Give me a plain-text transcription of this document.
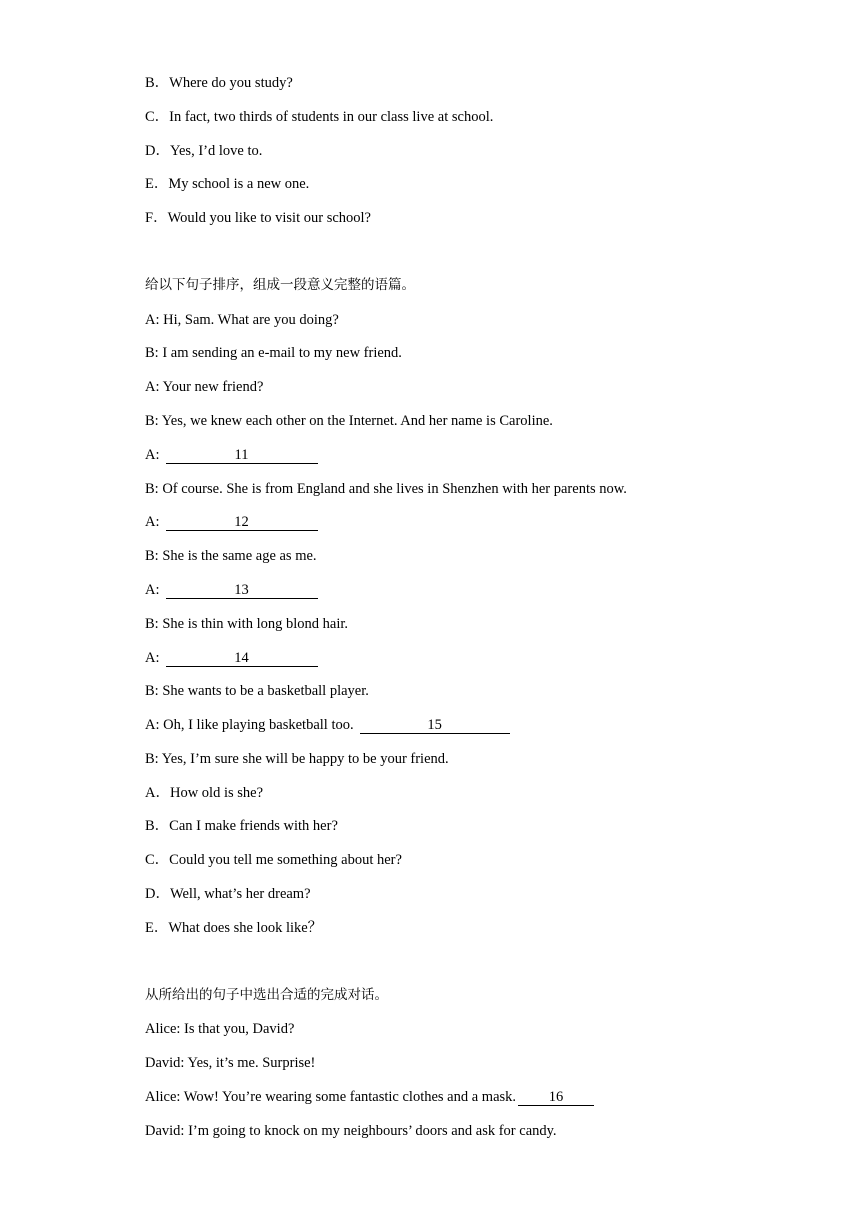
B．Where do you study?
C．In fact, two thirds of students in our class live at school.
D．Yes, I’d love to.
E．My school is a new one.
F．Would you like to visit our school?
给以下句子排序，组成一段意义完整的语篇。
A: Hi, Sam. What are you doing?
B: I am sending an e-mail to my new friend.
A: Your new friend?
B: Yes, we knew each other on the Internet. And her name is Caroline.
A:	11
B: Of course. She is from England and she lives in Shenzhen with her parents now.
A:	12
B: She is the same age as me.
A:	13
B: She is thin with long blond hair.
A:	14
B: She wants to be a basketball player.
A: Oh, I like playing basketball too.	15
B: Yes, I’m sure she will be happy to be your friend.
A．How old is she?
B．Can I make friends with her?
C．Could you tell me something about her?
D．Well, what’s her dream?
E．What does she look like？
从所给出的句子中选出合适的完成对话。
Alice: Is that you, David?
David: Yes, it’s me. Surprise!
Alice: Wow! You’re wearing some fantastic clothes and a mask. 16
David: I’m going to knock on my neighbours’ doors and ask for candy.
